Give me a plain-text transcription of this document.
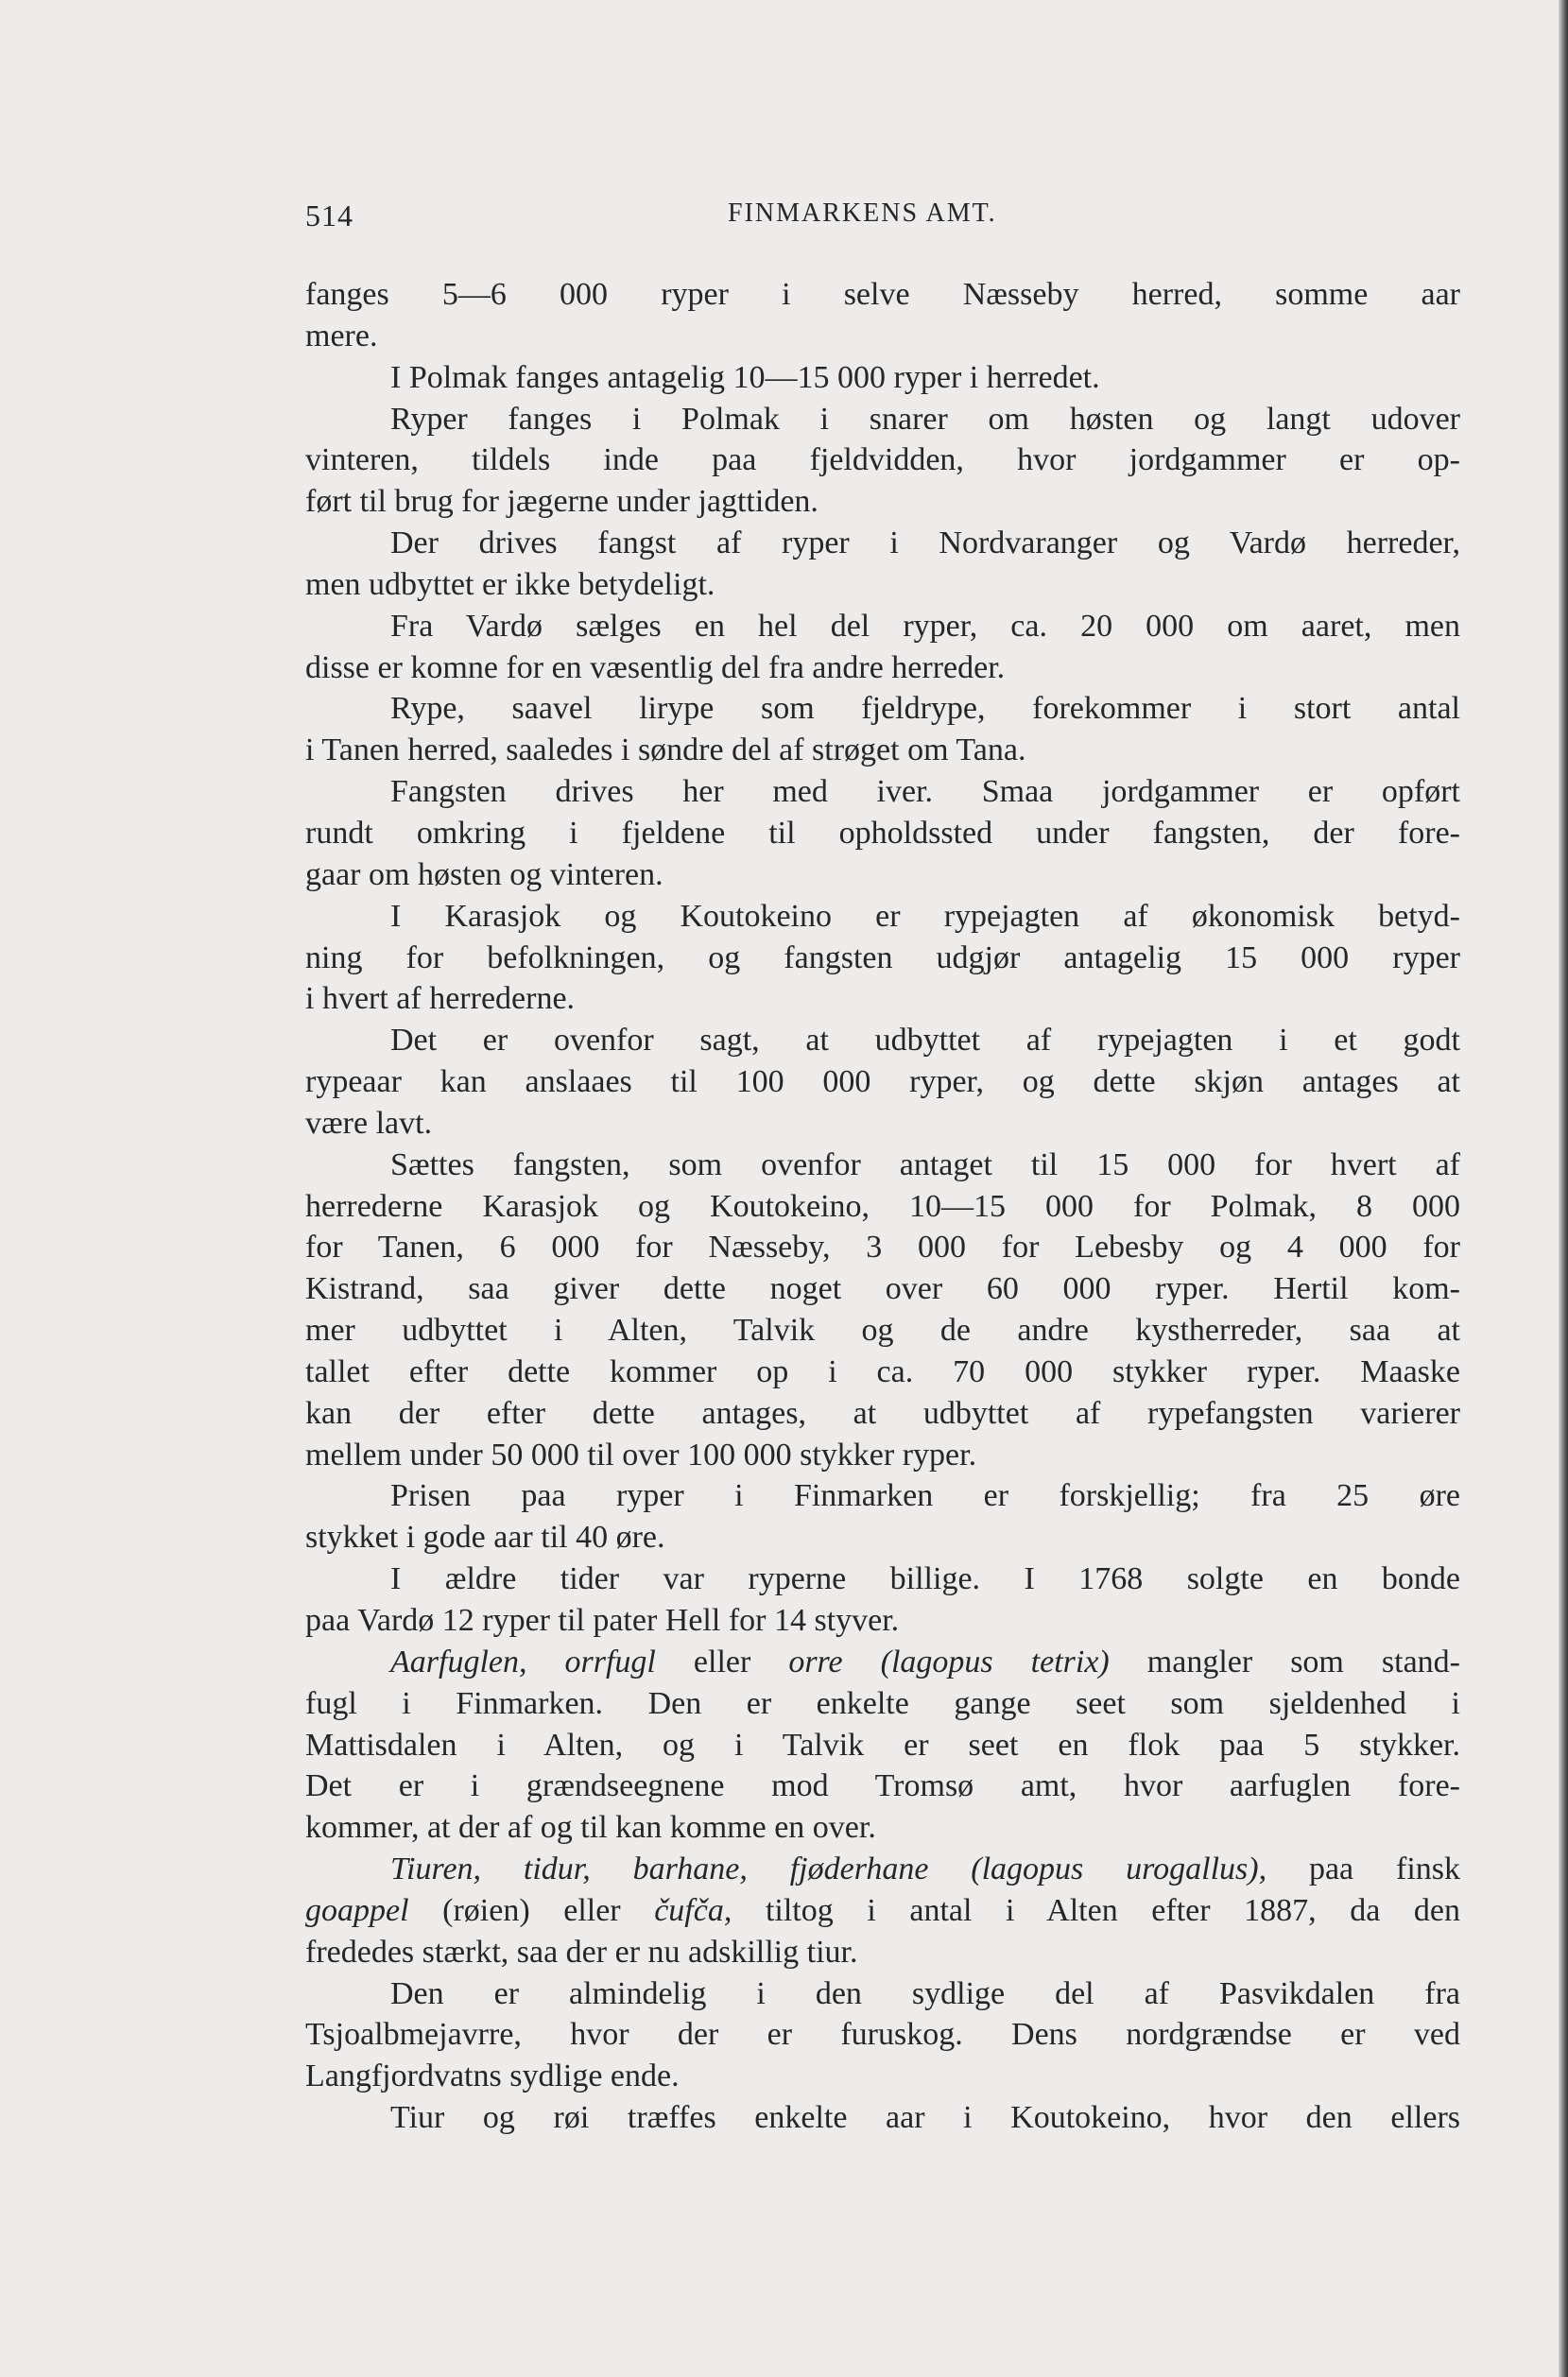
514	FINMARKENS AMT.
fanges 5—6 000 ryper i selve Næsseby herred, somme aar
mere.
I Polmak fanges antagelig 10—15 000 ryper i herredet.
Ryper fanges i Polmak i snarer om høsten og langt udover
vinteren, tildels inde paa fjeldvidden, hvor jordgammer er op-
ført til brug for jægerne under jagttiden.
Der drives fangst af ryper i Nordvaranger og Vardø herreder,
men udbyttet er ikke betydeligt.
Fra Vardø sælges en hel del ryper, ca. 20 000 om aaret, men
disse er komne for en væsentlig del fra andre herreder.
Rype, saavel lirype som fjeldrype, forekommer i stort antal
i Tanen herred, saaledes i søndre del af strøget om Tana.
Fangsten drives her med iver. Smaa jordgammer er opført
rundt omkring i fjeldene til opholdssted under fangsten, der fore-
gaar om høsten og vinteren.
I Karasjok og Koutokeino er rypejagten af økonomisk betyd-
ning for befolkningen, og fangsten udgjør antagelig 15 000 ryper
i hvert af herrederne.
Det er ovenfor sagt, at udbyttet af rypejagten i et godt
rypeaar kan anslaaes til 100 000 ryper, og dette skjøn antages at
være lavt.
Sættes fangsten, som ovenfor antaget til 15 000 for hvert af
herrederne Karasjok og Koutokeino, 10—15 000 for Polmak, 8 000
for Tanen, 6 000 for Næsseby, 3 000 for Lebesby og 4 000 for
Kistrand, saa giver dette noget over 60 000 ryper. Hertil kom-
mer udbyttet i Alten, Talvik og de andre kystherreder, saa at
tallet efter dette kommer op i ca. 70 000 stykker ryper. Maaske
kan der efter dette antages, at udbyttet af rypefangsten varierer
mellem under 50 000 til over 100 000 stykker ryper.
Prisen paa ryper i Finmarken er forskjellig; fra 25 øre
stykket i gode aar til 40 øre.
I ældre tider var ryperne billige. I 1768 solgte en bonde
paa Vardø 12 ryper til pater Hell for 14 styver.
Aarfuglen, orrfugl eller orre (lagopus tetrix) mangler som stand-
fugl i Finmarken. Den er enkelte gange seet som sjeldenhed i
Mattisdalen i Alten, og i Talvik er seet en flok paa 5 stykker.
Det er i grændseegnene mod Tromsø amt, hvor aarfuglen fore-
kommer, at der af og til kan komme en over.
Tiuren, tidur, barhane, fjøderhane (lagopus urogallus), paa finsk
goappel (røien) eller čufča, tiltog i antal i Alten efter 1887, da den
frededes stærkt, saa der er nu adskillig tiur.
Den er almindelig i den sydlige del af Pasvikdalen fra
Tsjoalbmejavrre, hvor der er furuskog. Dens nordgrændse er ved
Langfjordvatns sydlige ende.
Tiur og røi træffes enkelte aar i Koutokeino, hvor den ellers
